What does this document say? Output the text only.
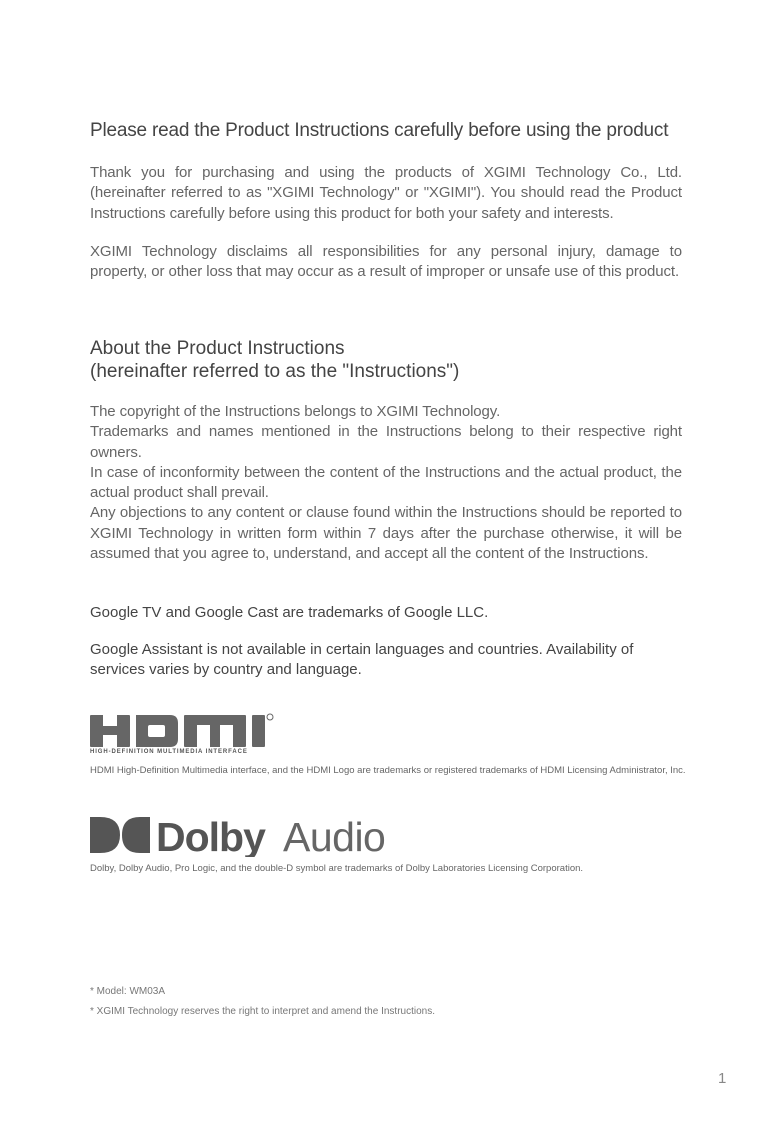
Please read the Product Instructions carefully before using the product
Thank you for purchasing and using the products of XGIMI Technology Co., Ltd. (hereinafter referred to as "XGIMI Technology" or "XGIMI"). You should read the Product Instructions carefully before using this product for both your safety and interests.
XGIMI Technology disclaims all responsibilities for any personal injury, damage to property, or other loss that may occur as a result of improper or unsafe use of this product.
About the Product Instructions
(hereinafter referred to as the "Instructions")
The copyright of the Instructions belongs to XGIMI Technology.
Trademarks and names mentioned in the Instructions belong to their respective right owners.
In case of inconformity between the content of the Instructions and the actual product, the actual product shall prevail.
Any objections to any content or clause found within the Instructions should be reported to XGIMI Technology in written form within 7 days after the purchase otherwise, it will be assumed that you agree to, understand, and accept all the content of the Instructions.
Google TV and Google Cast are trademarks of Google LLC.
Google Assistant is not available in certain languages and countries. Availability of services varies by country and language.
HIGH-DEFINITION MULTIMEDIA INTERFACE
HDMI High-Definition Multimedia interface, and the HDMI Logo are trademarks or registered trademarks of HDMI Licensing Administrator, Inc.
Dolby Audio
Dolby, Dolby Audio, Pro Logic, and the double-D symbol are trademarks of Dolby Laboratories Licensing Corporation.
* Model: WM03A
* XGIMI Technology reserves the right to interpret and amend the Instructions.
1
